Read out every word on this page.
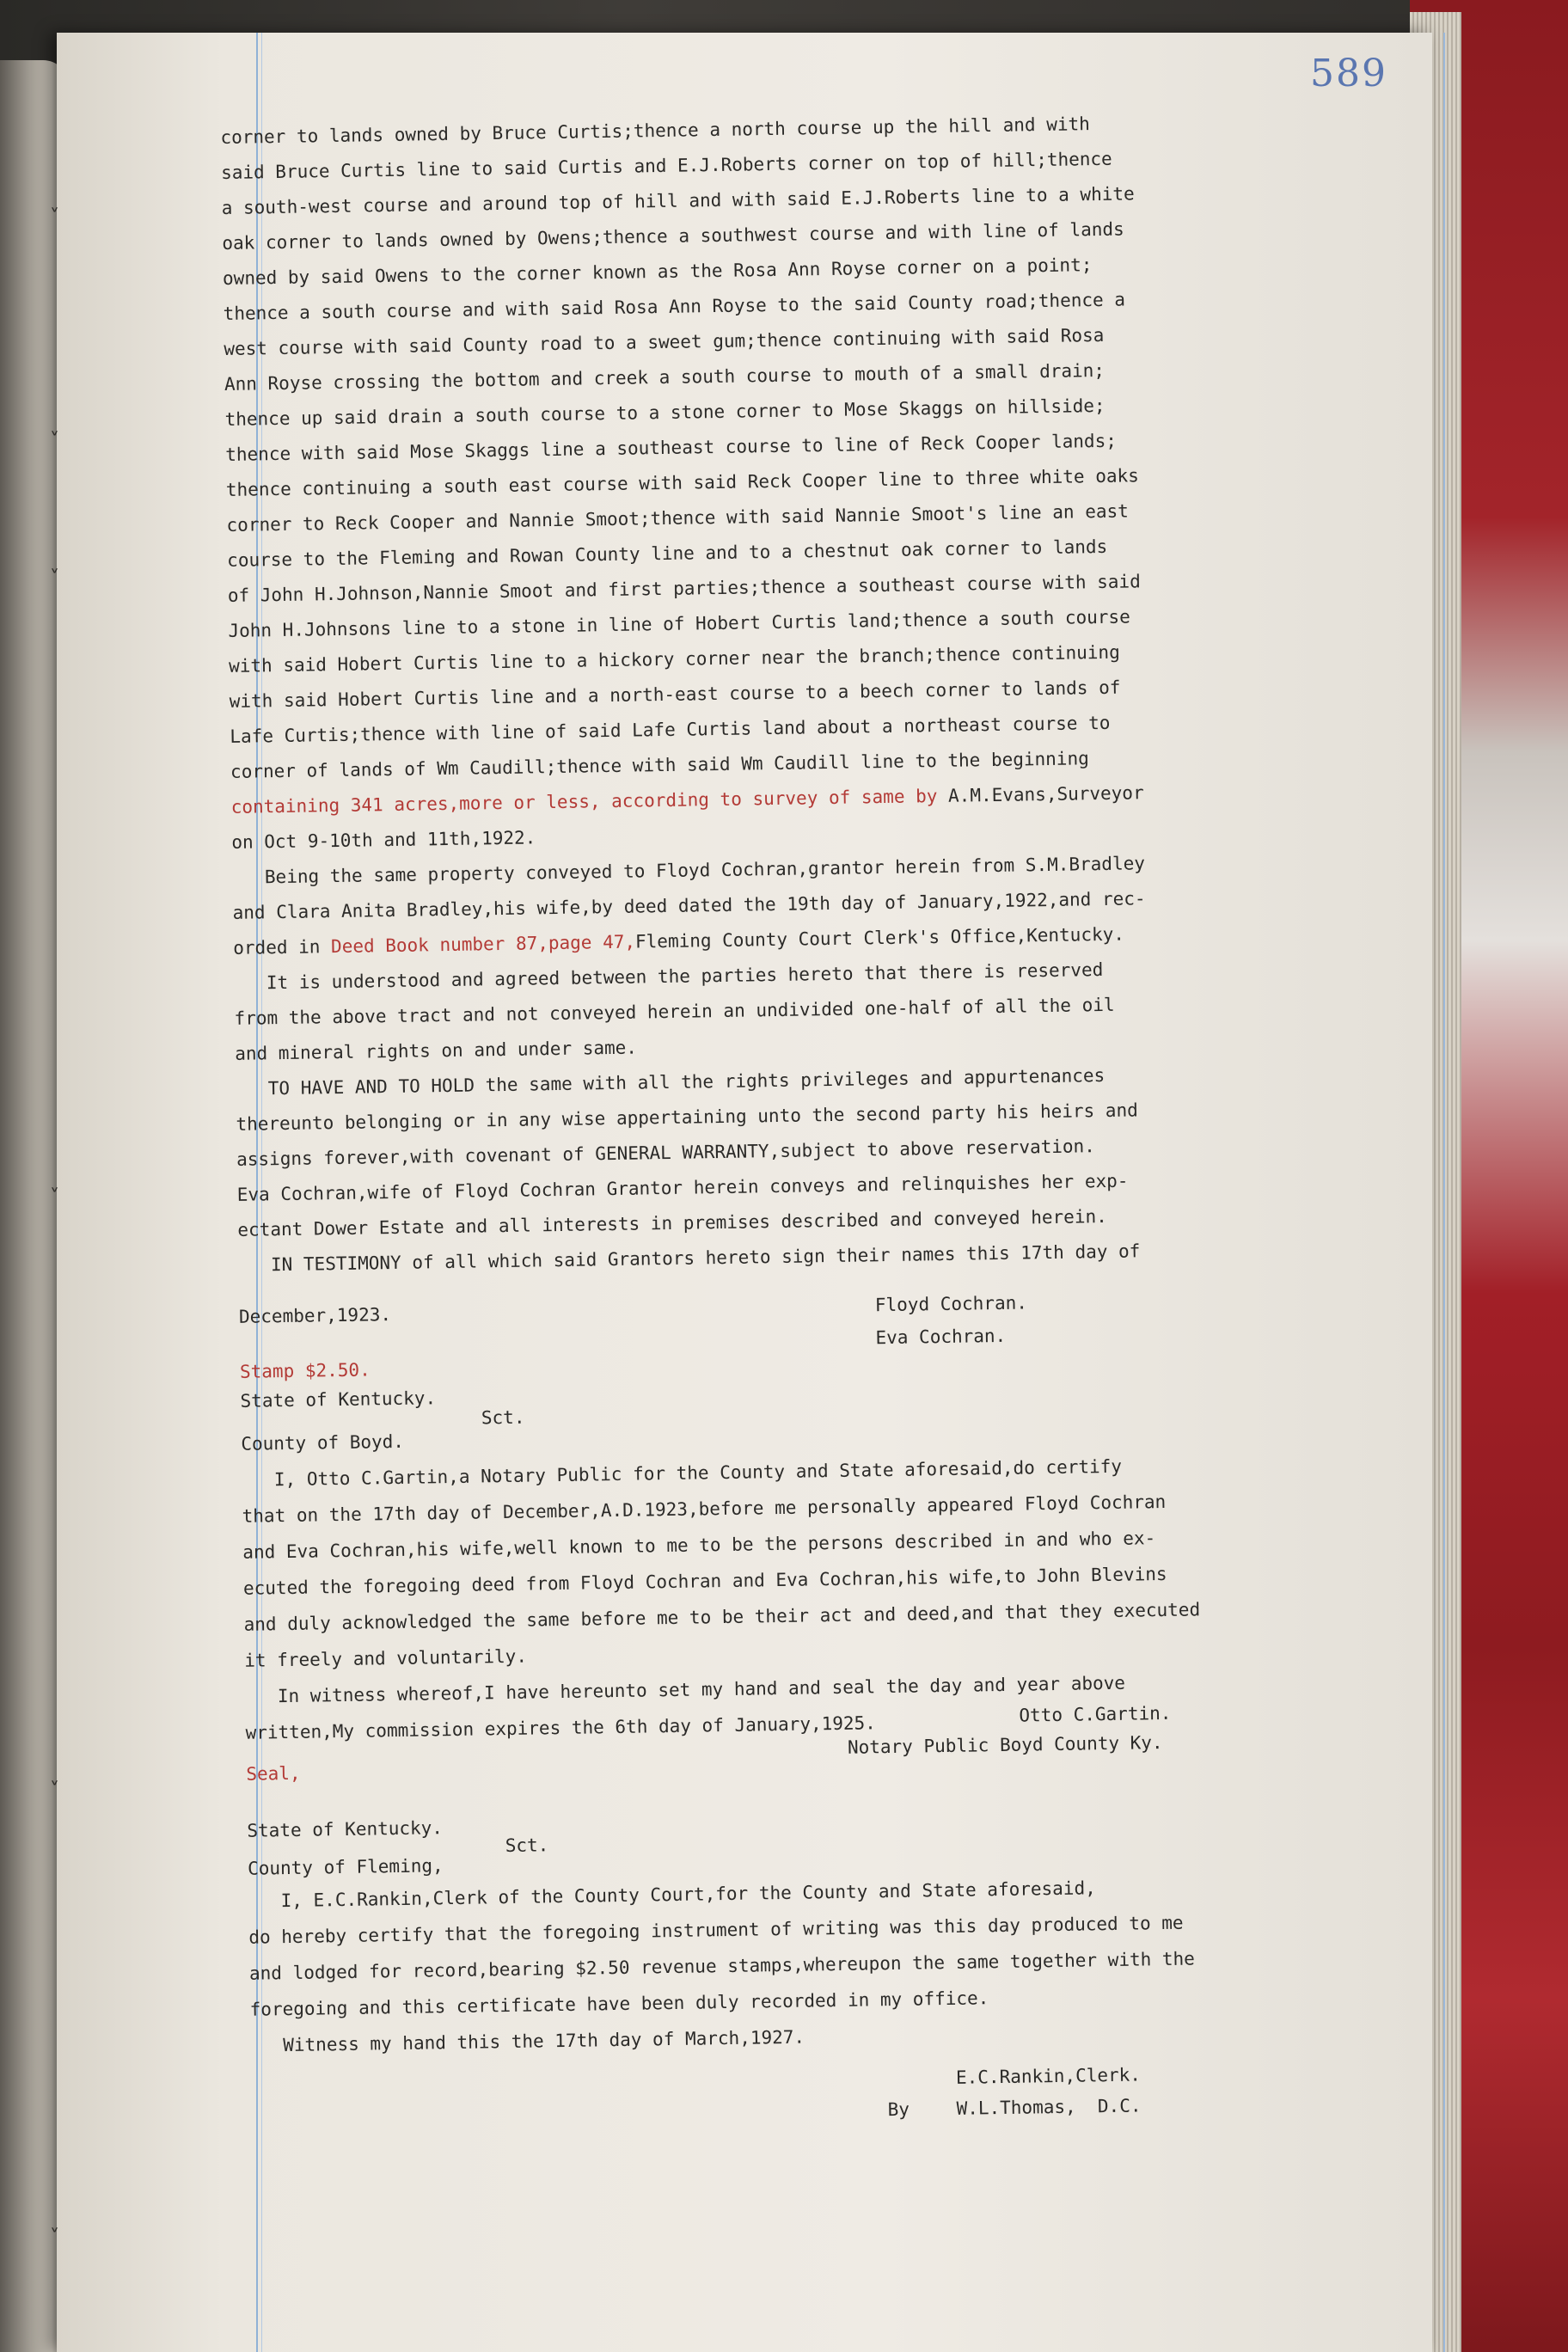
589
˅
˅
˅
˅
˅
˅
corner to lands owned by Bruce Curtis;thence a north course up the hill and with
said Bruce Curtis line to said Curtis and E.J.Roberts corner on top of hill;thence
a south-west course and around top of hill and with said E.J.Roberts line to a white
oak corner to lands owned by Owens;thence a southwest course and with line of lands
owned by said Owens to the corner known as the Rosa Ann Royse corner on a point;
thence a south course and with said Rosa Ann Royse to the said County road;thence a
west course with said County road to a sweet gum;thence continuing with said Rosa
Ann Royse crossing the bottom and creek a south course to mouth of a small drain;
thence up said drain a south course to a stone corner to Mose Skaggs on hillside;
thence with said Mose Skaggs line a southeast course to line of Reck Cooper lands;
thence continuing a south east course with said Reck Cooper line to three white oaks
corner to Reck Cooper and Nannie Smoot;thence with said Nannie Smoot's line an east
course to the Fleming and Rowan County line and to a chestnut oak corner to lands
of John H.Johnson,Nannie Smoot and first parties;thence a southeast course with said
John H.Johnsons line to a stone in line of Hobert Curtis land;thence a south course
with said Hobert Curtis line to a hickory corner near the branch;thence continuing
with said Hobert Curtis line and a north-east course to a beech corner to lands of
Lafe Curtis;thence with line of said Lafe Curtis land about a northeast course to
corner of lands of Wm Caudill;thence with said Wm Caudill line to the beginning
containing 341 acres,more or less, according to survey of same by A.M.Evans,Surveyor
on Oct 9-10th and 11th,1922.
Being the same property conveyed to Floyd Cochran,grantor herein from S.M.Bradley
and Clara Anita Bradley,his wife,by deed dated the 19th day of January,1922,and rec-
orded in Deed Book number 87,page 47,Fleming County Court Clerk's Office,Kentucky.
It is understood and agreed between the parties hereto that there is reserved
from the above tract and not conveyed herein an undivided one-half of all the oil
and mineral rights on and under same.
TO HAVE AND TO HOLD the same with all the rights privileges and appurtenances
thereunto belonging or in any wise appertaining unto the second party his heirs and
assigns forever,with covenant of GENERAL WARRANTY,subject to above reservation.
Eva Cochran,wife of Floyd Cochran Grantor herein conveys and relinquishes her exp-
ectant Dower Estate and all interests in premises described and conveyed herein.
IN TESTIMONY of all which said Grantors hereto sign their names this 17th day of
December,1923.
Floyd Cochran.
Eva Cochran.
Stamp $2.50.
State of Kentucky.
Sct.
County of Boyd.
I, Otto C.Gartin,a Notary Public for the County and State aforesaid,do certify
that on the 17th day of December,A.D.1923,before me personally appeared Floyd Cochran
and Eva Cochran,his wife,well known to me to be the persons described in and who ex-
ecuted the foregoing deed from Floyd Cochran and Eva Cochran,his wife,to John Blevins
and duly acknowledged the same before me to be their act and deed,and that they executed
it freely and voluntarily.
In witness whereof,I have hereunto set my hand and seal the day and year above
written,My commission expires the 6th day of January,1925.	Otto C.Gartin.
Notary Public Boyd County Ky.
Seal,
State of Kentucky.
Sct.
County of Fleming,
I, E.C.Rankin,Clerk of the County Court,for the County and State aforesaid,
do hereby certify that the foregoing instrument of writing was this day produced to me
and lodged for record,bearing $2.50 revenue stamps,whereupon the same together with the
foregoing and this certificate have been duly recorded in my office.
Witness my hand this the 17th day of March,1927.
E.C.Rankin,Clerk.
By	W.L.Thomas,  D.C.
